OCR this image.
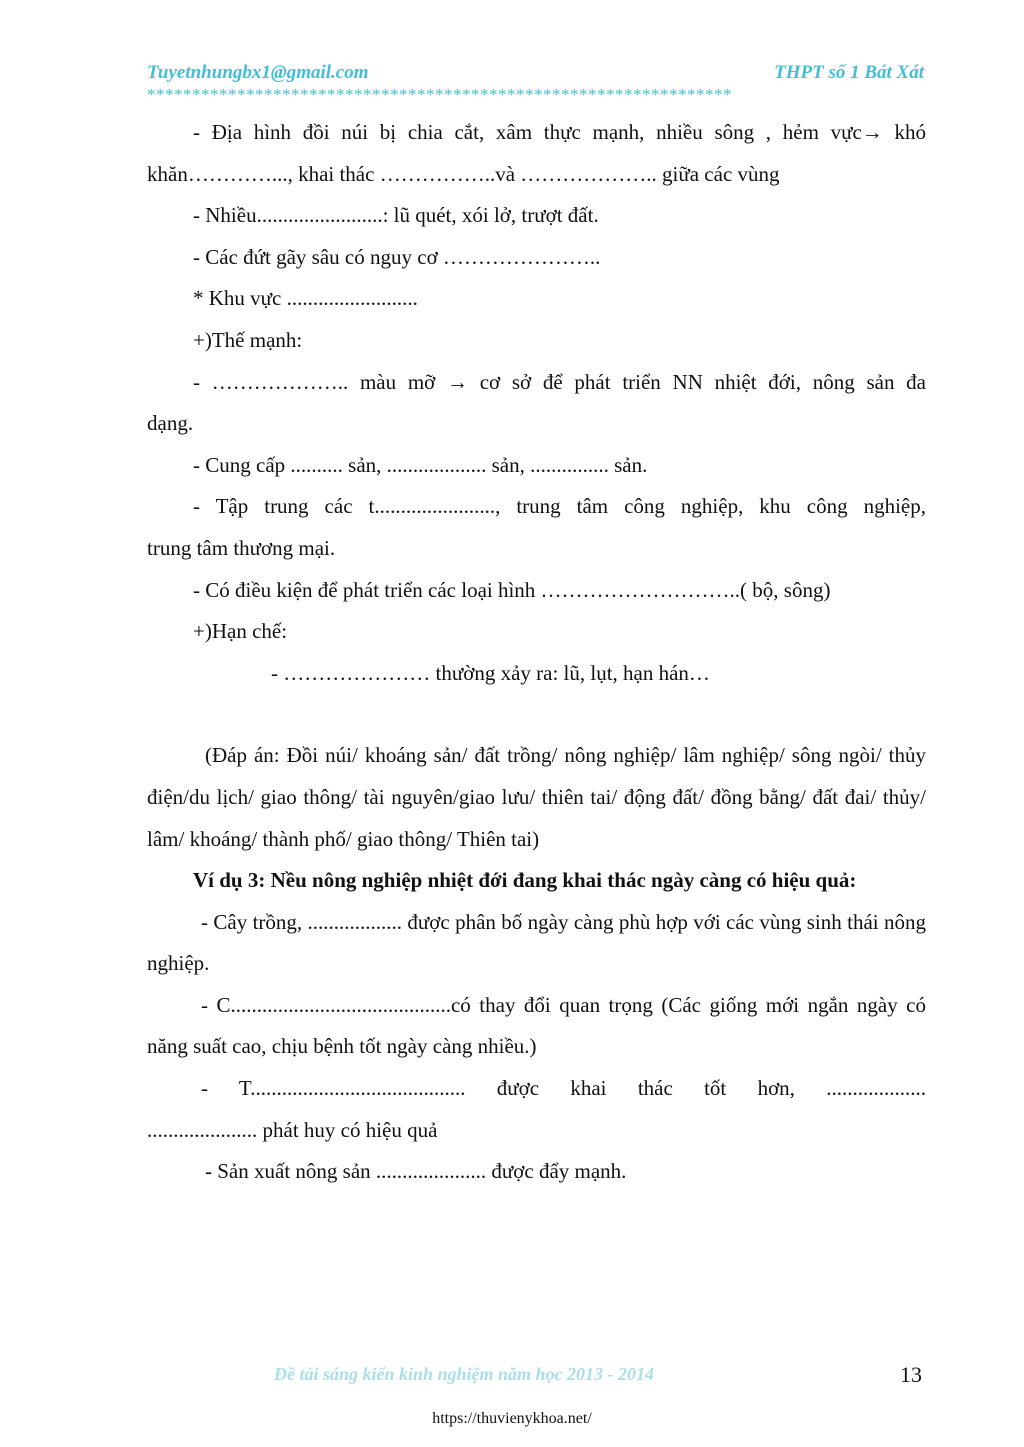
Tuyetnhungbx1@gmail.com	THPT số 1 Bát Xát
*****************************************************************

- Địa hình đồi núi bị chia cắt, xâm thực mạnh, nhiều sông , hẻm vực→ khó

khăn…………..., khai thác ……………..và ……………….. giữa các vùng

- Nhiều........................: lũ quét, xói lở, trượt đất.

- Các đứt gãy sâu có nguy cơ …………………..

* Khu vực .........................

+)Thế mạnh:

- ……………….. màu mỡ → cơ sở để phát triển NN nhiệt đới, nông sản đa

dạng.

- Cung cấp .......... sản, ................... sản, ............... sản.

- Tập trung các t......................., trung tâm công nghiệp, khu công nghiệp,

trung tâm thương mại.

- Có điều kiện để phát triển các loại hình ………………………..( bộ, sông)

+)Hạn chế:

- ………………… thường xảy ra: lũ, lụt, hạn hán…

(Đáp án: Đồi núi/ khoáng sản/ đất trồng/ nông nghiệp/ lâm nghiệp/ sông ngòi/ thủy điện/du lịch/ giao thông/ tài nguyên/giao lưu/ thiên tai/ động đất/ đồng bằng/ đất đai/ thủy/ lâm/ khoáng/ thành phố/ giao thông/ Thiên tai)

Ví dụ 3: Nều nông nghiệp nhiệt đới đang khai thác ngày càng có hiệu quả:

- Cây trồng, .................. được phân bố ngày càng phù hợp với các vùng sinh thái nông nghiệp.

- C..........................................có thay đổi quan trọng (Các giống mới ngắn ngày có năng suất cao, chịu bệnh tốt ngày càng nhiều.)

- T......................................... được khai thác tốt hơn, ...................

..................... phát huy có hiệu quả

- Sản xuất nông sản ..................... được đẩy mạnh.

Đề tài sáng kiến kinh nghiệm năm học 2013 - 2014	13
https://thuvienykhoa.net/
